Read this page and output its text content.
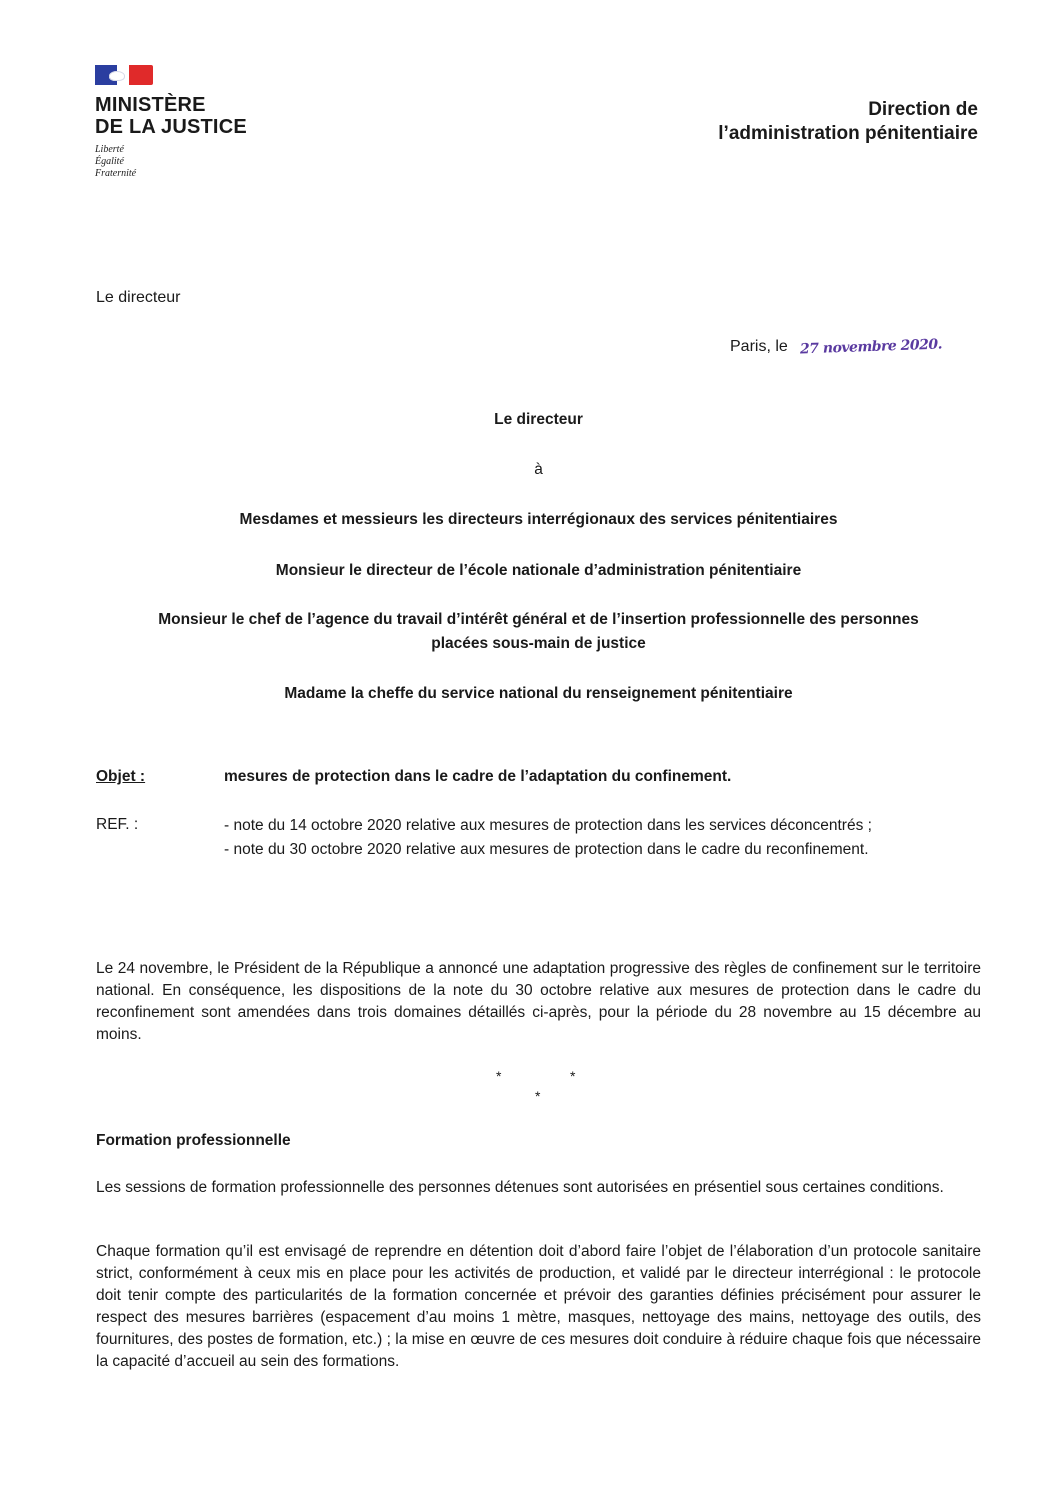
MINISTÈRE
DE LA JUSTICE
Liberté
Égalité
Fraternité
Direction de
l’administration pénitentiaire
Le directeur
Paris, le 27 novembre 2020.
Le directeur
à
Mesdames et messieurs les directeurs interrégionaux des services pénitentiaires
Monsieur le directeur de l’école nationale d’administration pénitentiaire
Monsieur le chef de l’agence du travail d’intérêt général et de l’insertion professionnelle des personnes
placées sous-main de justice
Madame la cheffe du service national du renseignement pénitentiaire
Objet :	mesures de protection dans le cadre de l’adaptation du confinement.
REF. :	- note du 14 octobre 2020 relative aux mesures de protection dans les services déconcentrés ;
- note du 30 octobre 2020 relative aux mesures de protection dans le cadre du reconfinement.
Le 24 novembre, le Président de la République a annoncé une adaptation progressive des règles de confinement sur le territoire national. En conséquence, les dispositions de la note du 30 octobre relative aux mesures de protection dans le cadre du reconfinement sont amendées dans trois domaines détaillés ci-après, pour la période du 28 novembre au 15 décembre au moins.
*	*
*
Formation professionnelle
Les sessions de formation professionnelle des personnes détenues sont autorisées en présentiel sous certaines conditions.
Chaque formation qu’il est envisagé de reprendre en détention doit d’abord faire l’objet de l’élaboration d’un protocole sanitaire strict, conformément à ceux mis en place pour les activités de production, et validé par le directeur interrégional : le protocole doit tenir compte des particularités de la formation concernée et prévoir des garanties définies précisément pour assurer le respect des mesures barrières (espacement d’au moins 1 mètre, masques, nettoyage des mains, nettoyage des outils, des fournitures, des postes de formation, etc.) ; la mise en œuvre de ces mesures doit conduire à réduire chaque fois que nécessaire la capacité d’accueil au sein des formations.
